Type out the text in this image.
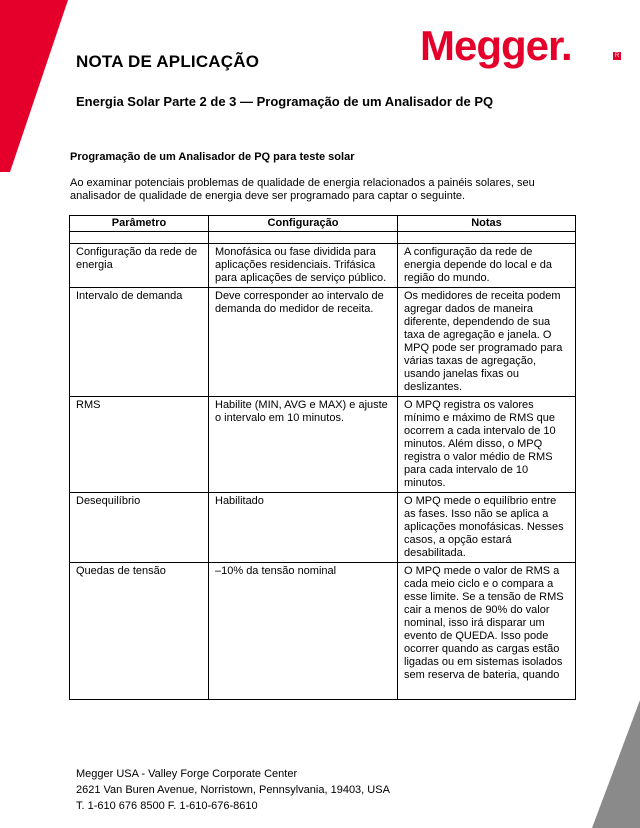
NOTA DE APLICAÇÃO	Megger.	R
Energia Solar Parte 2 de 3 — Programação de um Analisador de PQ
Programação de um Analisador de PQ para teste solar
Ao examinar potenciais problemas de qualidade de energia relacionados a painéis solares, seu analisador de qualidade de energia deve ser programado para captar o seguinte.
Parâmetro	Configuração	Notas

Configuração da rede de energia	Monofásica ou fase dividida para aplicações residenciais. Trifásica para aplicações de serviço público.	A configuração da rede de energia depende do local e da região do mundo.
Intervalo de demanda	Deve corresponder ao intervalo de demanda do medidor de receita.	Os medidores de receita podem agregar dados de maneira diferente, dependendo de sua taxa de agregação e janela. O MPQ pode ser programado para várias taxas de agregação, usando janelas fixas ou deslizantes.
RMS	Habilite (MIN, AVG e MAX) e ajuste o intervalo em 10 minutos.	O MPQ registra os valores mínimo e máximo de RMS que ocorrem a cada intervalo de 10 minutos. Além disso, o MPQ registra o valor médio de RMS para cada intervalo de 10 minutos.
Desequilíbrio	Habilitado	O MPQ mede o equilíbrio entre as fases. Isso não se aplica a aplicações monofásicas. Nesses casos, a opção estará desabilitada.
Quedas de tensão	–10% da tensão nominal	O MPQ mede o valor de RMS a cada meio ciclo e o compara a esse limite. Se a tensão de RMS cair a menos de 90% do valor nominal, isso irá disparar um evento de QUEDA. Isso pode ocorrer quando as cargas estão ligadas ou em sistemas isolados sem reserva de bateria, quando
Megger USA - Valley Forge Corporate Center
2621 Van Buren Avenue, Norristown, Pennsylvania, 19403, USA
T. 1-610 676 8500 F. 1-610-676-8610
